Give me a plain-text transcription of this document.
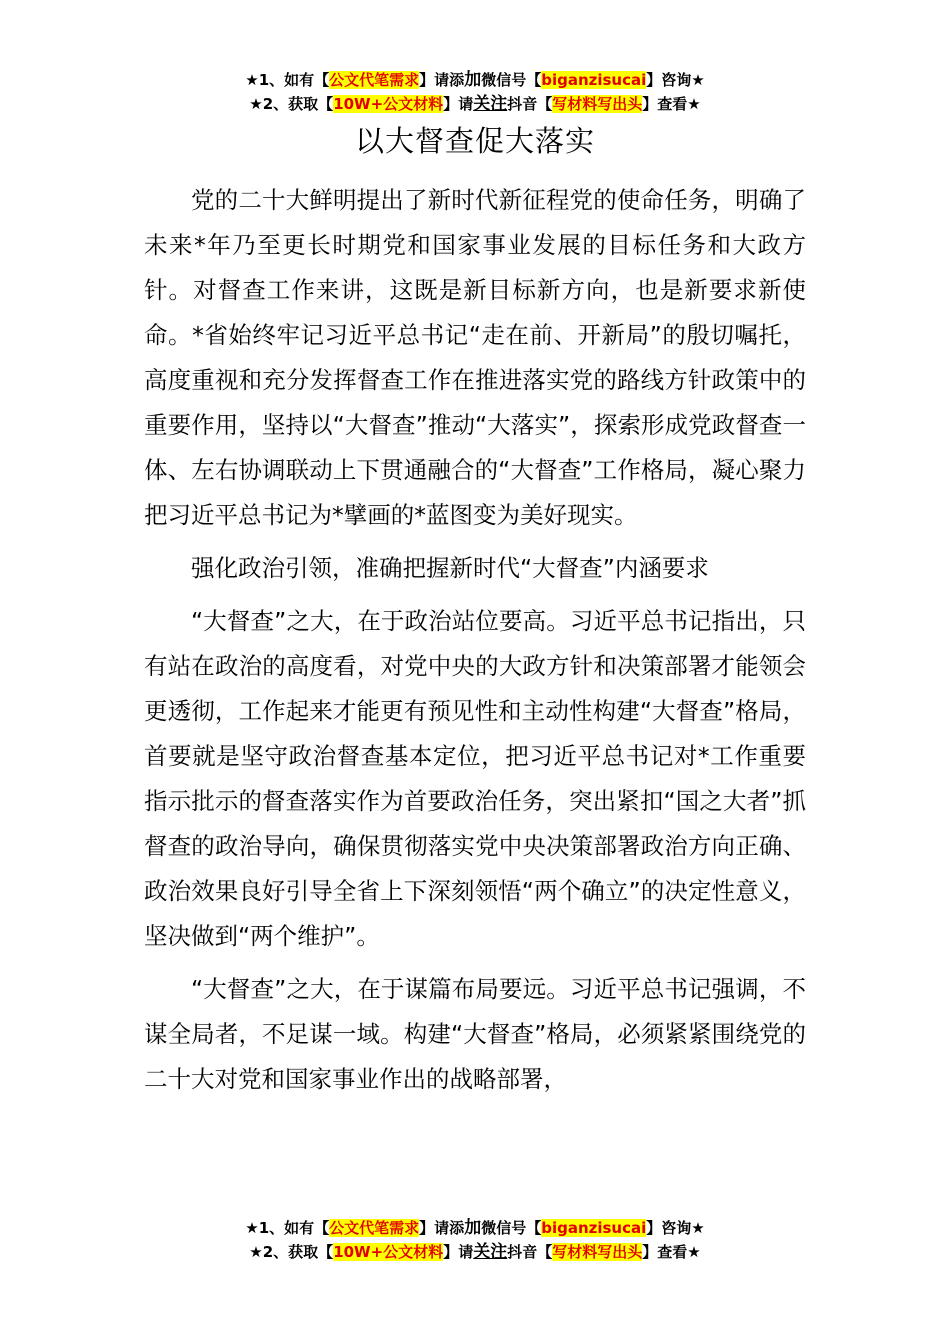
★1、如有【公文代笔需求】请添加微信号【biganzisucai】咨询★
★2、获取【10W+公文材料】请关注抖音【写材料写出头】查看★
以大督查促大落实

党的二十大鲜明提出了新时代新征程党的使命任务，明确了未来*年乃至更长时期党和国家事业发展的目标任务和大政方针。对督查工作来讲，这既是新目标新方向，也是新要求新使命。*省始终牢记习近平总书记“走在前、开新局”的殷切嘱托，高度重视和充分发挥督查工作在推进落实党的路线方针政策中的重要作用，坚持以“大督查”推动“大落实”，探索形成党政督查一体、左右协调联动上下贯通融合的“大督查”工作格局，凝心聚力把习近平总书记为*擘画的*蓝图变为美好现实。

强化政治引领，准确把握新时代“大督查”内涵要求

“大督查”之大，在于政治站位要高。习近平总书记指出，只有站在政治的高度看，对党中央的大政方针和决策部署才能领会更透彻，工作起来才能更有预见性和主动性构建“大督查”格局，首要就是坚守政治督查基本定位，把习近平总书记对*工作重要指示批示的督查落实作为首要政治任务，突出紧扣“国之大者”抓督查的政治导向，确保贯彻落实党中央决策部署政治方向正确、政治效果良好引导全省上下深刻领悟“两个确立”的决定性意义，坚决做到“两个维护”。

“大督查”之大，在于谋篇布局要远。习近平总书记强调，不谋全局者，不足谋一域。构建“大督查”格局，必须紧紧围绕党的二十大对党和国家事业作出的战略部署，

★1、如有【公文代笔需求】请添加微信号【biganzisucai】咨询★
★2、获取【10W+公文材料】请关注抖音【写材料写出头】查看★
